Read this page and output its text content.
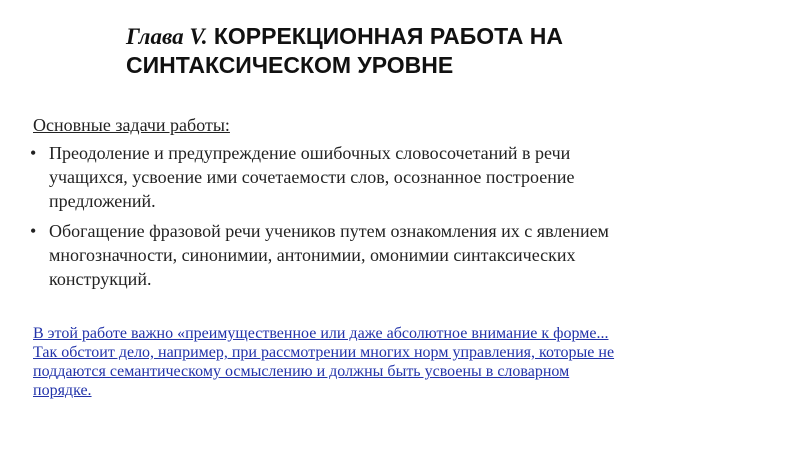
Глава V. КОРРЕКЦИОННАЯ РАБОТА НА
СИНТАКСИЧЕСКОМ УРОВНЕ
Основные задачи работы:
• Преодоление и предупреждение ошибочных словосочетаний в речи
учащихся, усвоение ими сочетаемости слов, осознанное построение
предложений.
• Обогащение фразовой речи учеников путем ознакомления их с явлением
многозначности, синонимии, антонимии, омонимии синтаксических
конструкций.
В этой работе важно «преимущественное или даже абсолютное внимание к форме...
Так обстоит дело, например, при рассмотрении многих норм управления, которые не
поддаются семантическому осмыслению и должны быть усвоены в словарном
порядке.
